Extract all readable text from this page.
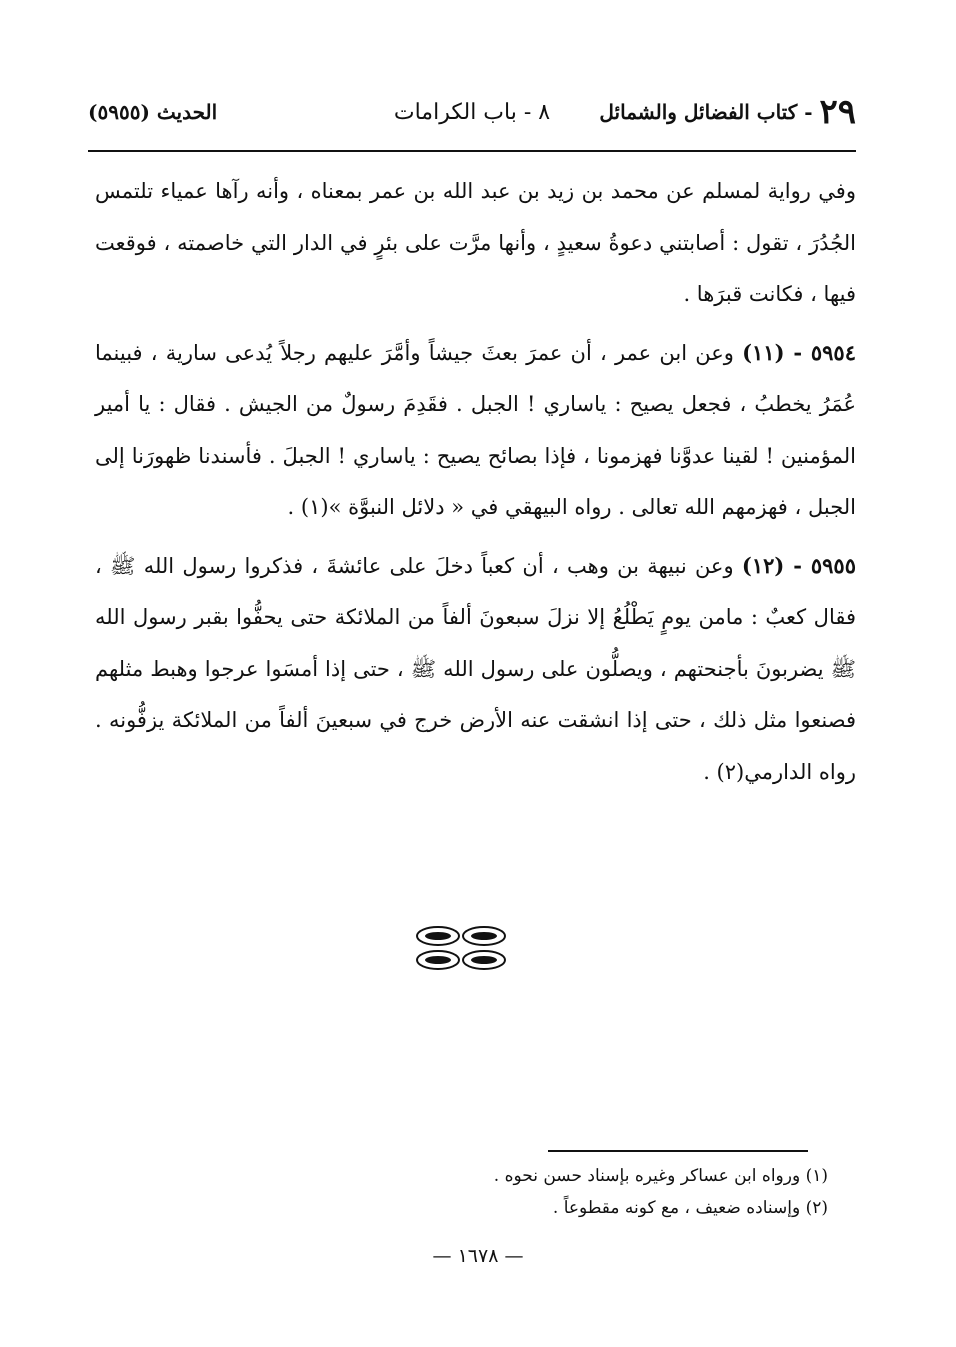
٢٩ - كتاب الفضائل والشمائل
٨ - باب الكرامات
الحديث (٥٩٥٥)

وفي رواية لمسلم عن محمد بن زيد بن عبد الله بن عمر بمعناه ، وأنه رآها عمياء تلتمس الجُدُرَ ، تقول : أصابتني دعوةُ سعيدٍ ، وأنها مرَّت على بئرٍ في الدار التي خاصمته ، فوقعت فيها ، فكانت قبرَها .

٥٩٥٤ - (١١) وعن ابن عمر ، أن عمرَ بعثَ جيشاً وأمَّرَ عليهم رجلاً يُدعى سارية ، فبينما عُمَرُ يخطبُ ، فجعل يصيح : ياساري ! الجبل . فقَدِمَ رسولٌ من الجيش . فقال : يا أمير المؤمنين ! لقينا عدوَّنا فهزمونا ، فإذا بصائح يصيح : ياساري ! الجبلَ . فأسندنا ظهورَنا إلى الجبل ، فهزمهم الله تعالى . رواه البيهقي في « دلائل النبوَّة »(١) .

٥٩٥٥ - (١٢) وعن نبيهة بن وهب ، أن كعباً دخلَ على عائشةَ ، فذكروا رسول الله ﷺ ، فقال كعبٌ : مامن يومٍ يَطْلُعُ إلا نزلَ سبعونَ ألفاً من الملائكة حتى يحفُّوا بقبر رسول الله ﷺ يضربونَ بأجنحتهم ، ويصلُّون على رسول الله ﷺ ، حتى إذا أمسَوا عرجوا وهبط مثلهم فصنعوا مثل ذلك ، حتى إذا انشقت عنه الأرض خرج في سبعينَ ألفاً من الملائكة يزفُّونه . رواه الدارمي(٢) .

(١) ورواه ابن عساكر وغيره بإسناد حسن نحوه .
(٢) وإسناده ضعيف ، مع كونه مقطوعاً .
— ١٦٧٨ —
